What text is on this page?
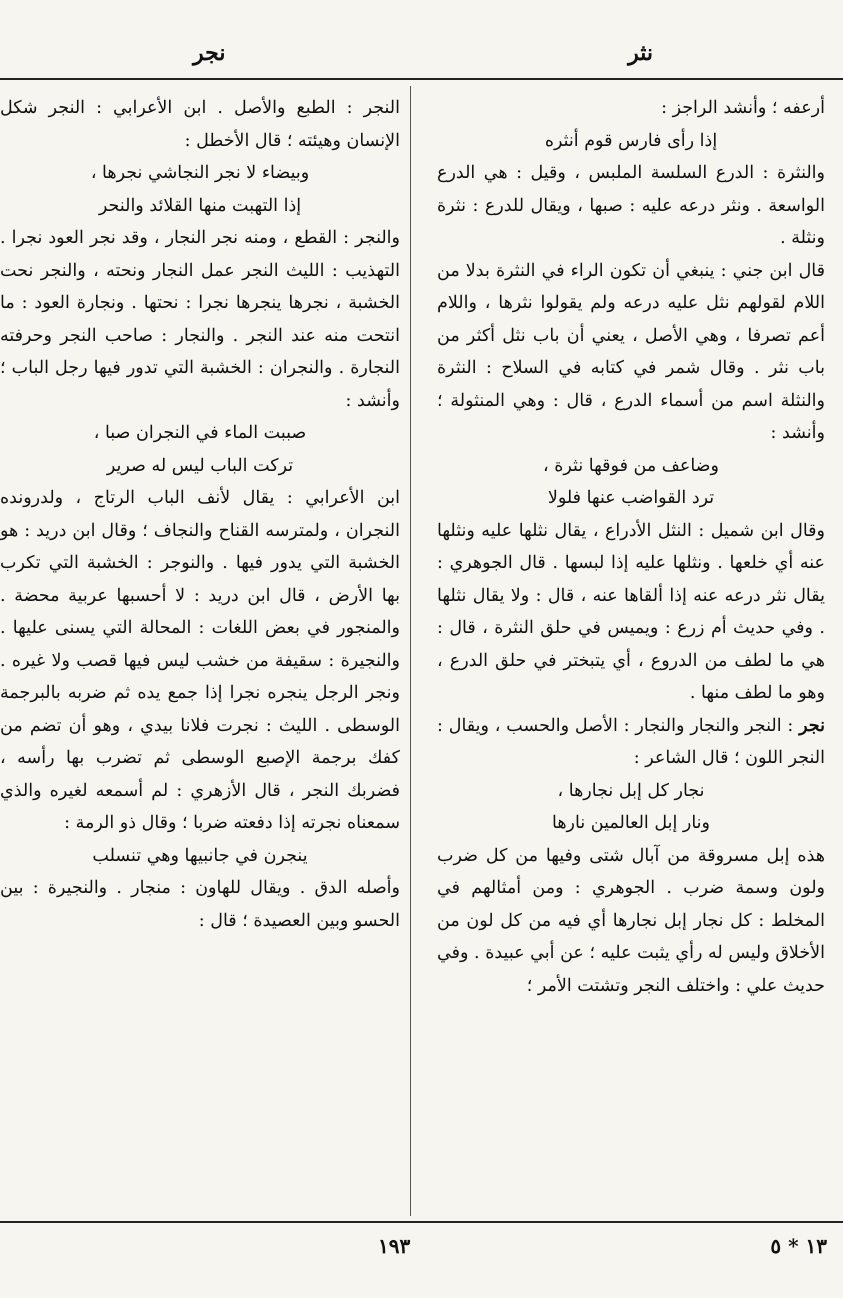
نثر
نجر

أرعفه ؛ وأنشد الراجز :

إذا رأى فارس قوم أنثره

والنثرة : الدرع السلسة الملبس ، وقيل : هي الدرع الواسعة . ونثر درعه عليه : صبها ، ويقال للدرع : نثرة ونثلة .

قال ابن جني : ينبغي أن تكون الراء في النثرة بدلا من اللام لقولهم نثل عليه درعه ولم يقولوا نثرها ، واللام أعم تصرفا ، وهي الأصل ، يعني أن باب نثل أكثر من باب نثر . وقال شمر في كتابه في السلاح : النثرة والنثلة اسم من أسماء الدرع ، قال : وهي المنثولة ؛ وأنشد :

وضاعف من فوقها نثرة ،

ترد القواضب عنها فلولا

وقال ابن شميل : النثل الأدراع ، يقال نثلها عليه ونثلها عنه أي خلعها . ونثلها عليه إذا لبسها . قال الجوهري : يقال نثر درعه عنه إذا ألقاها عنه ، قال : ولا يقال نثلها . وفي حديث أم زرع : ويميس في حلق النثرة ، قال : هي ما لطف من الدروع ، أي يتبختر في حلق الدرع ، وهو ما لطف منها .

نجر : النجر والنجار والنجار : الأصل والحسب ، ويقال : النجر اللون ؛ قال الشاعر :

نجار كل إبل نجارها ،

ونار إبل العالمين نارها

هذه إبل مسروقة من آبال شتى وفيها من كل ضرب ولون وسمة ضرب . الجوهري : ومن أمثالهم في المخلط : كل نجار إبل نجارها أي فيه من كل لون من الأخلاق وليس له رأي يثبت عليه ؛ عن أبي عبيدة . وفي حديث علي : واختلف النجر وتشتت الأمر ؛

النجر : الطبع والأصل . ابن الأعرابي : النجر شكل الإنسان وهيئته ؛ قال الأخطل :

وبيضاء لا نجر النجاشي نجرها ،

إذا التهبت منها القلائد والنحر

والنجر : القطع ، ومنه نجر النجار ، وقد نجر العود نجرا . التهذيب : الليث النجر عمل النجار ونحته ، والنجر نحت الخشبة ، نجرها ينجرها نجرا : نحتها . ونجارة العود : ما انتحت منه عند النجر . والنجار : صاحب النجر وحرفته النجارة . والنجران : الخشبة التي تدور فيها رجل الباب ؛ وأنشد :

صببت الماء في النجران صبا ،

تركت الباب ليس له صرير

ابن الأعرابي : يقال لأنف الباب الرتاج ، ولدرونده النجران ، ولمترسه القناح والنجاف ؛ وقال ابن دريد : هو الخشبة التي يدور فيها . والنوجر : الخشبة التي تكرب بها الأرض ، قال ابن دريد : لا أحسبها عربية محضة . والمنجور في بعض اللغات : المحالة التي يسنى عليها . والنجيرة : سقيفة من خشب ليس فيها قصب ولا غيره . ونجر الرجل ينجره نجرا إذا جمع يده ثم ضربه بالبرجمة الوسطى . الليث : نجرت فلانا بيدي ، وهو أن تضم من كفك برجمة الإصبع الوسطى ثم تضرب بها رأسه ، فضربك النجر ، قال الأزهري : لم أسمعه لغيره والذي سمعناه نجرته إذا دفعته ضربا ؛ وقال ذو الرمة :

ينجرن في جانبيها وهي تنسلب

وأصله الدق . ويقال للهاون : منجار . والنجيرة : بين الحسو وبين العصيدة ؛ قال :

١٩٣	١٣ * ٥
